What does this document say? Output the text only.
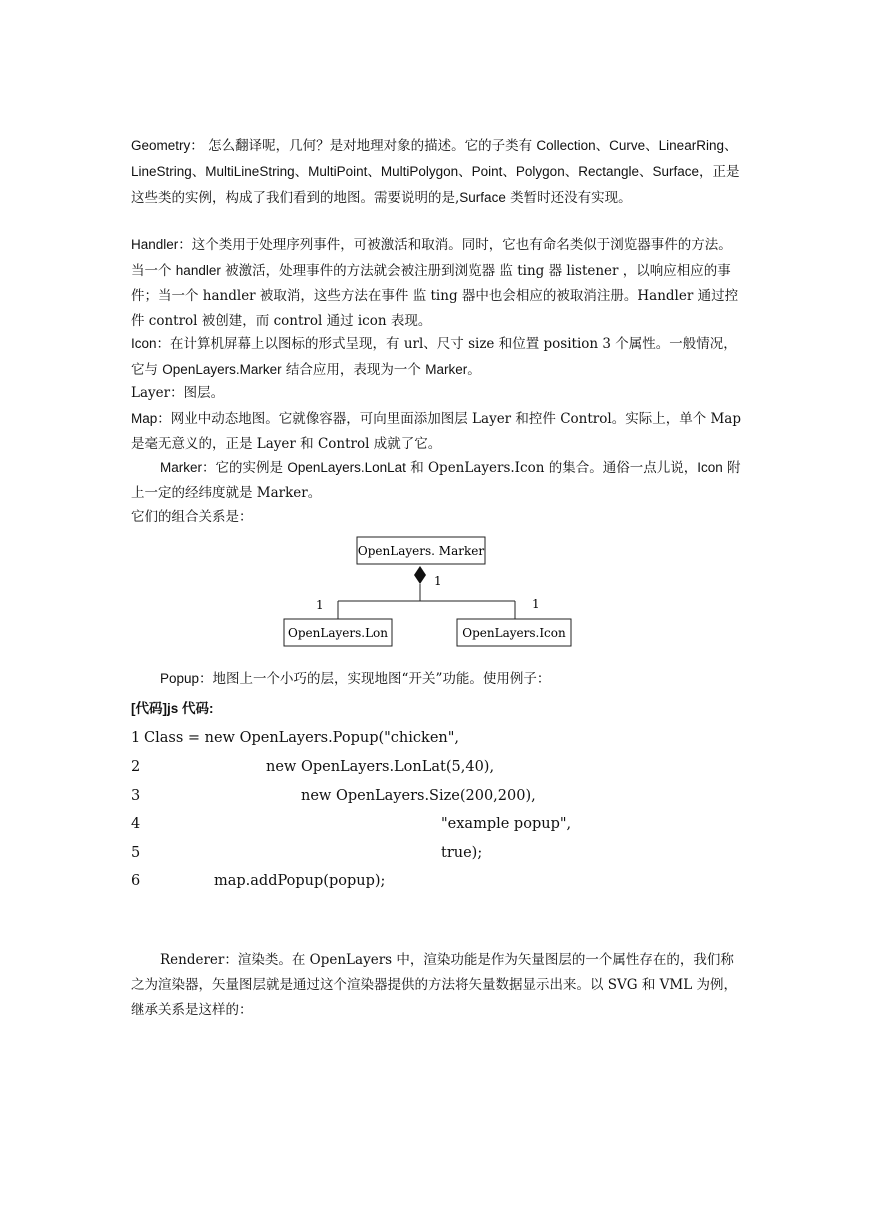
Geometry： 怎么翻译呢，几何？是对地理对象的描述。它的子类有 Collection、Curve、LinearRing、LineString、MultiLineString、MultiPoint、MultiPolygon、Point、Polygon、Rectangle、Surface，正是这些类的实例，构成了我们看到的地图。需要说明的是,Surface 类暂时还没有实现。

Handler：这个类用于处理序列事件，可被激活和取消。同时，它也有命名类似于浏览器事件的方法。当一个 handler 被激活，处理事件的方法就会被注册到浏览器 监 ting 器 listener ，以响应相应的事件；当一个 handler 被取消，这些方法在事件 监 ting 器中也会相应的被取消注册。Handler 通过控件 control 被创建，而 control 通过 icon 表现。

Icon：在计算机屏幕上以图标的形式呈现，有 url、尺寸 size 和位置 position 3 个属性。一般情况，它与 OpenLayers.Marker 结合应用，表现为一个 Marker。

Layer：图层。

Map：网业中动态地图。它就像容器，可向里面添加图层 Layer 和控件 Control。实际上，单个 Map 是毫无意义的，正是 Layer 和 Control 成就了它。

Marker：它的实例是 OpenLayers.LonLat 和 OpenLayers.Icon 的集合。通俗一点儿说，Icon 附上一定的经纬度就是 Marker。

它们的组合关系是：

OpenLayers. Marker
1
1	1
OpenLayers.Lon	OpenLayers.Icon

Popup：地图上一个小巧的层，实现地图“开关”功能。使用例子：

[代码]js 代码:

1 Class = new OpenLayers.Popup("chicken",
2	new OpenLayers.LonLat(5,40),
3	new OpenLayers.Size(200,200),
4	"example popup",
5	true);
6	map.addPopup(popup);

Renderer：渲染类。在 OpenLayers 中，渲染功能是作为矢量图层的一个属性存在的，我们称之为渲染器，矢量图层就是通过这个渲染器提供的方法将矢量数据显示出来。以 SVG 和 VML 为例，继承关系是这样的：
